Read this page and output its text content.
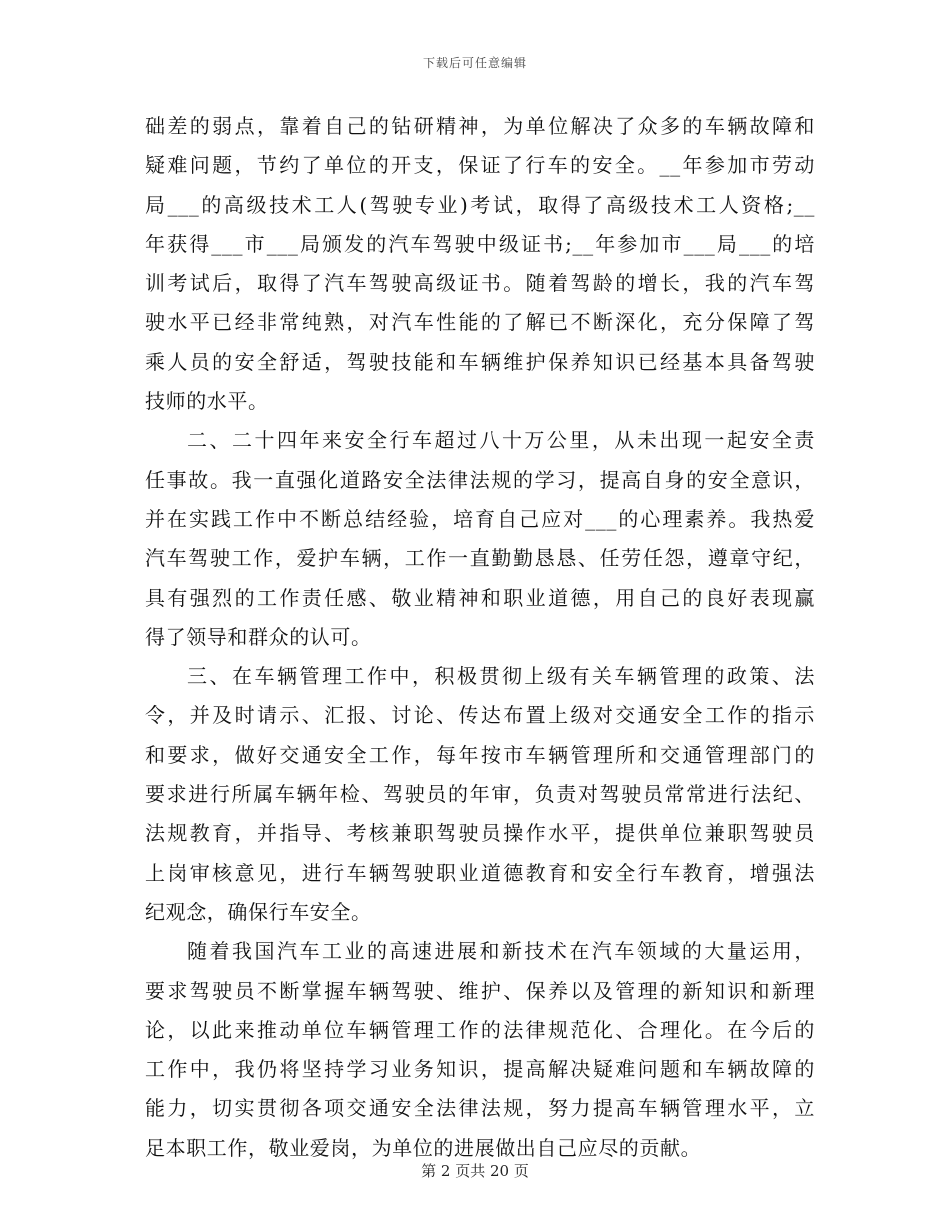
下载后可任意编辑
础差的弱点，靠着自己的钻研精神，为单位解决了众多的车辆故障和
疑难问题，节约了单位的开支，保证了行车的安全。__年参加市劳动
局___的高级技术工人(驾驶专业)考试，取得了高级技术工人资格;__
年获得___市___局颁发的汽车驾驶中级证书;__年参加市___局___的培
训考试后，取得了汽车驾驶高级证书。随着驾龄的增长，我的汽车驾
驶水平已经非常纯熟，对汽车性能的了解已不断深化，充分保障了驾
乘人员的安全舒适，驾驶技能和车辆维护保养知识已经基本具备驾驶
技师的水平。
二、二十四年来安全行车超过八十万公里，从未出现一起安全责
任事故。我一直强化道路安全法律法规的学习，提高自身的安全意识，
并在实践工作中不断总结经验，培育自己应对___的心理素养。我热爱
汽车驾驶工作，爱护车辆，工作一直勤勤恳恳、任劳任怨，遵章守纪，
具有强烈的工作责任感、敬业精神和职业道德，用自己的良好表现赢
得了领导和群众的认可。
三、在车辆管理工作中，积极贯彻上级有关车辆管理的政策、法
令，并及时请示、汇报、讨论、传达布置上级对交通安全工作的指示
和要求，做好交通安全工作，每年按市车辆管理所和交通管理部门的
要求进行所属车辆年检、驾驶员的年审，负责对驾驶员常常进行法纪、
法规教育，并指导、考核兼职驾驶员操作水平，提供单位兼职驾驶员
上岗审核意见，进行车辆驾驶职业道德教育和安全行车教育，增强法
纪观念，确保行车安全。
随着我国汽车工业的高速进展和新技术在汽车领域的大量运用，
要求驾驶员不断掌握车辆驾驶、维护、保养以及管理的新知识和新理
论，以此来推动单位车辆管理工作的法律规范化、合理化。在今后的
工作中，我仍将坚持学习业务知识，提高解决疑难问题和车辆故障的
能力，切实贯彻各项交通安全法律法规，努力提高车辆管理水平，立
足本职工作，敬业爱岗，为单位的进展做出自己应尽的贡献。
第 2 页共 20 页
